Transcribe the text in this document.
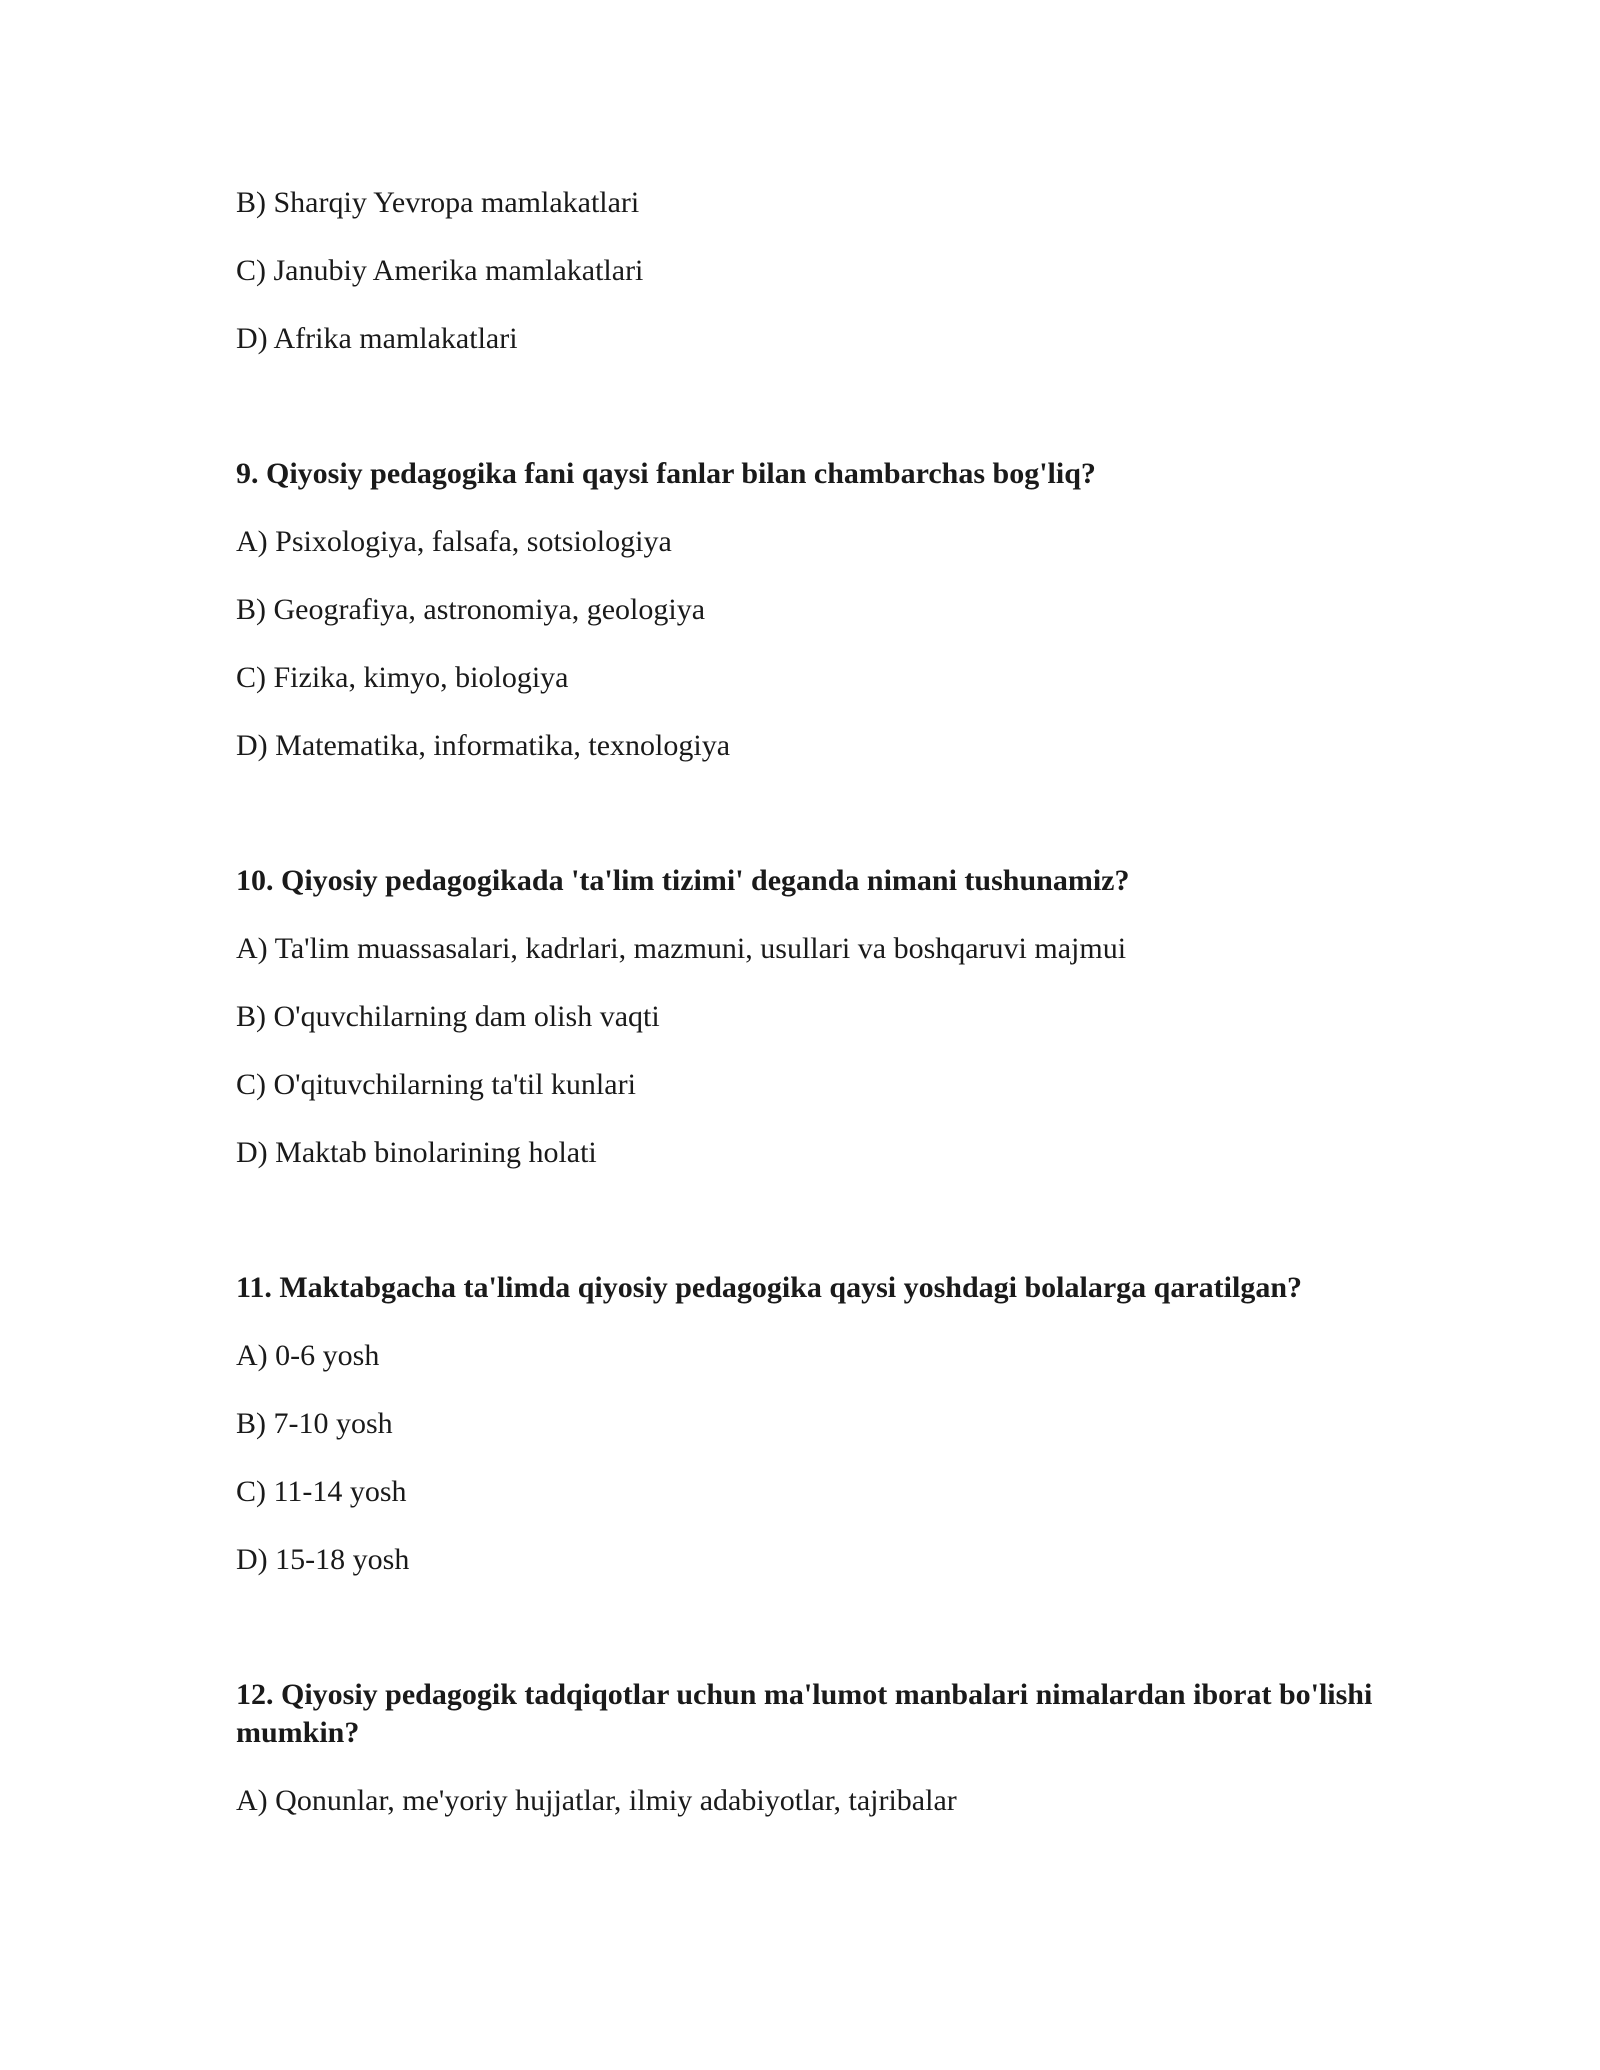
B) Sharqiy Yevropa mamlakatlari

C) Janubiy Amerika mamlakatlari

D) Afrika mamlakatlari

9. Qiyosiy pedagogika fani qaysi fanlar bilan chambarchas bog'liq?

A) Psixologiya, falsafa, sotsiologiya

B) Geografiya, astronomiya, geologiya

C) Fizika, kimyo, biologiya

D) Matematika, informatika, texnologiya

10. Qiyosiy pedagogikada 'ta'lim tizimi' deganda nimani tushunamiz?

A) Ta'lim muassasalari, kadrlari, mazmuni, usullari va boshqaruvi majmui

B) O'quvchilarning dam olish vaqti

C) O'qituvchilarning ta'til kunlari

D) Maktab binolarining holati

11. Maktabgacha ta'limda qiyosiy pedagogika qaysi yoshdagi bolalarga qaratilgan?

A) 0-6 yosh

B) 7-10 yosh

C) 11-14 yosh

D) 15-18 yosh

12. Qiyosiy pedagogik tadqiqotlar uchun ma'lumot manbalari nimalardan iborat bo'lishi mumkin?

A) Qonunlar, me'yoriy hujjatlar, ilmiy adabiyotlar, tajribalar
